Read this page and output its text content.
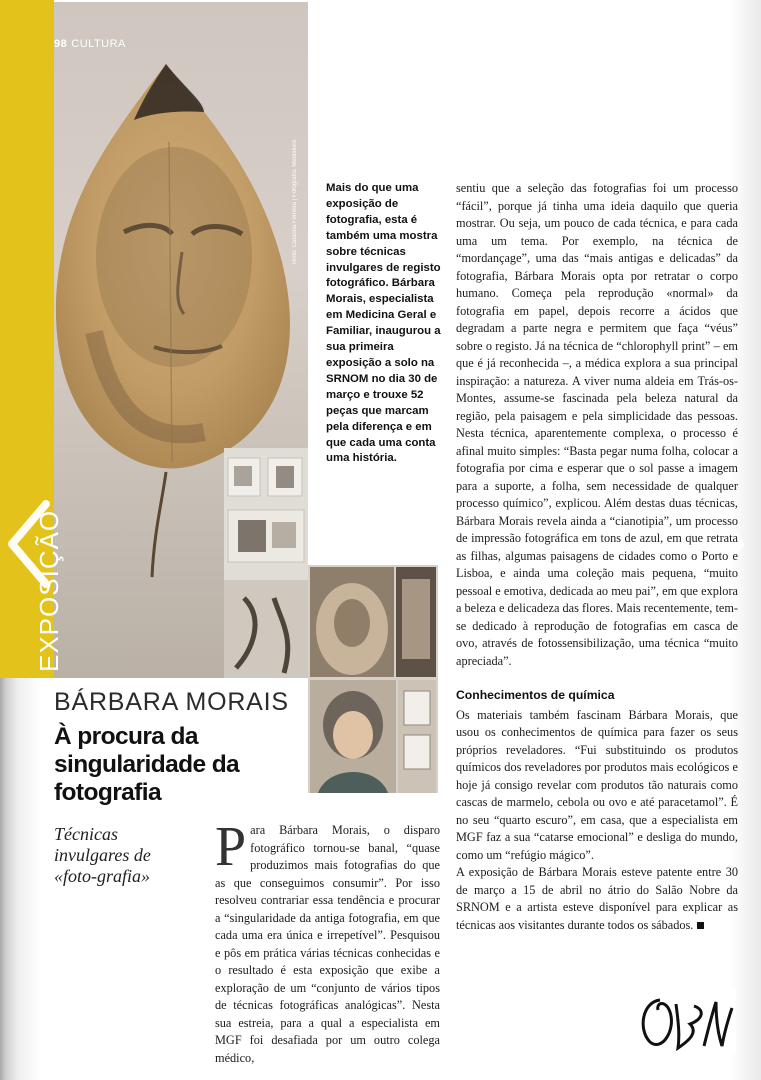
Texto: Catarina Ferreira | Fotografia: Medialivre
98 CULTURA
EXPOSIÇÃO
Mais do que uma exposição de fotografia, esta é também uma mostra sobre técnicas invulgares de registo fotográfico. Bárbara Morais, especialista em Medicina Geral e Familiar, inaugurou a sua primeira exposição a solo na SRNOM no dia 30 de março e trouxe 52 peças que marcam pela diferença e em que cada uma conta uma história.
BÁRBARA MORAIS
À procura da singularidade da fotografia
Técnicas invulgares de «foto-grafia»	Para Bárbara Morais, o disparo fotográfico tornou-se banal, “quase produzimos mais fotografias do que as que conseguimos consumir”. Por isso resolveu contrariar essa tendência e procurar a “singularidade da antiga fotografia, em que cada uma era única e irrepetível”. Pesquisou e pôs em prática várias técnicas conhecidas e o resultado é esta exposição que exibe a exploração de um “conjunto de vários tipos de técnicas fotográficas analógicas”. Nesta sua estreia, para a qual a especialista em MGF foi desafiada por um outro colega médico,

sentiu que a seleção das fotografias foi um processo “fácil”, porque já tinha uma ideia daquilo que queria mostrar. Ou seja, um pouco de cada técnica, e para cada uma um tema. Por exemplo, na técnica de “mordançage”, uma das “mais antigas e delicadas” da fotografia, Bárbara Morais opta por retratar o corpo humano. Começa pela reprodução «normal» da fotografia em papel, depois recorre a ácidos que degradam a parte negra e permitem que faça “véus” sobre o registo. Já na técnica de “chlorophyll print” – em que é já reconhecida –, a médica explora a sua principal inspiração: a natureza. A viver numa aldeia em Trás-os-Montes, assume-se fascinada pela beleza natural da região, pela paisagem e pela simplicidade das pessoas. Nesta técnica, aparentemente complexa, o processo é afinal muito simples: “Basta pegar numa folha, colocar a fotografia por cima e esperar que o sol passe a imagem para a suporte, a folha, sem necessidade de qualquer processo químico”, explicou. Além destas duas técnicas, Bárbara Morais revela ainda a “cianotipia”, um processo de impressão fotográfica em tons de azul, em que retrata as filhas, algumas paisagens de cidades como o Porto e Lisboa, e ainda uma coleção mais pequena, “muito pessoal e emotiva, dedicada ao meu pai”, em que explora a beleza e delicadeza das flores. Mais recentemente, tem-se dedicado à reprodução de fotografias em casca de ovo, através de fotossensibilização, uma técnica “muito apreciada”.

Conhecimentos de química

Os materiais também fascinam Bárbara Morais, que usou os conhecimentos de química para fazer os seus próprios reveladores. “Fui substituindo os produtos químicos dos reveladores por produtos mais ecológicos e hoje já consigo revelar com produtos tão naturais como cascas de marmelo, cebola ou ovo e até paracetamol”. É no seu “quarto escuro”, em casa, que a especialista em MGF faz a sua “catarse emocional” e desliga do mundo, como um “refúgio mágico”.

A exposição de Bárbara Morais esteve patente entre 30 de março a 15 de abril no átrio do Salão Nobre da SRNOM e a artista esteve disponível para explicar as técnicas aos visitantes durante todos os sábados.
